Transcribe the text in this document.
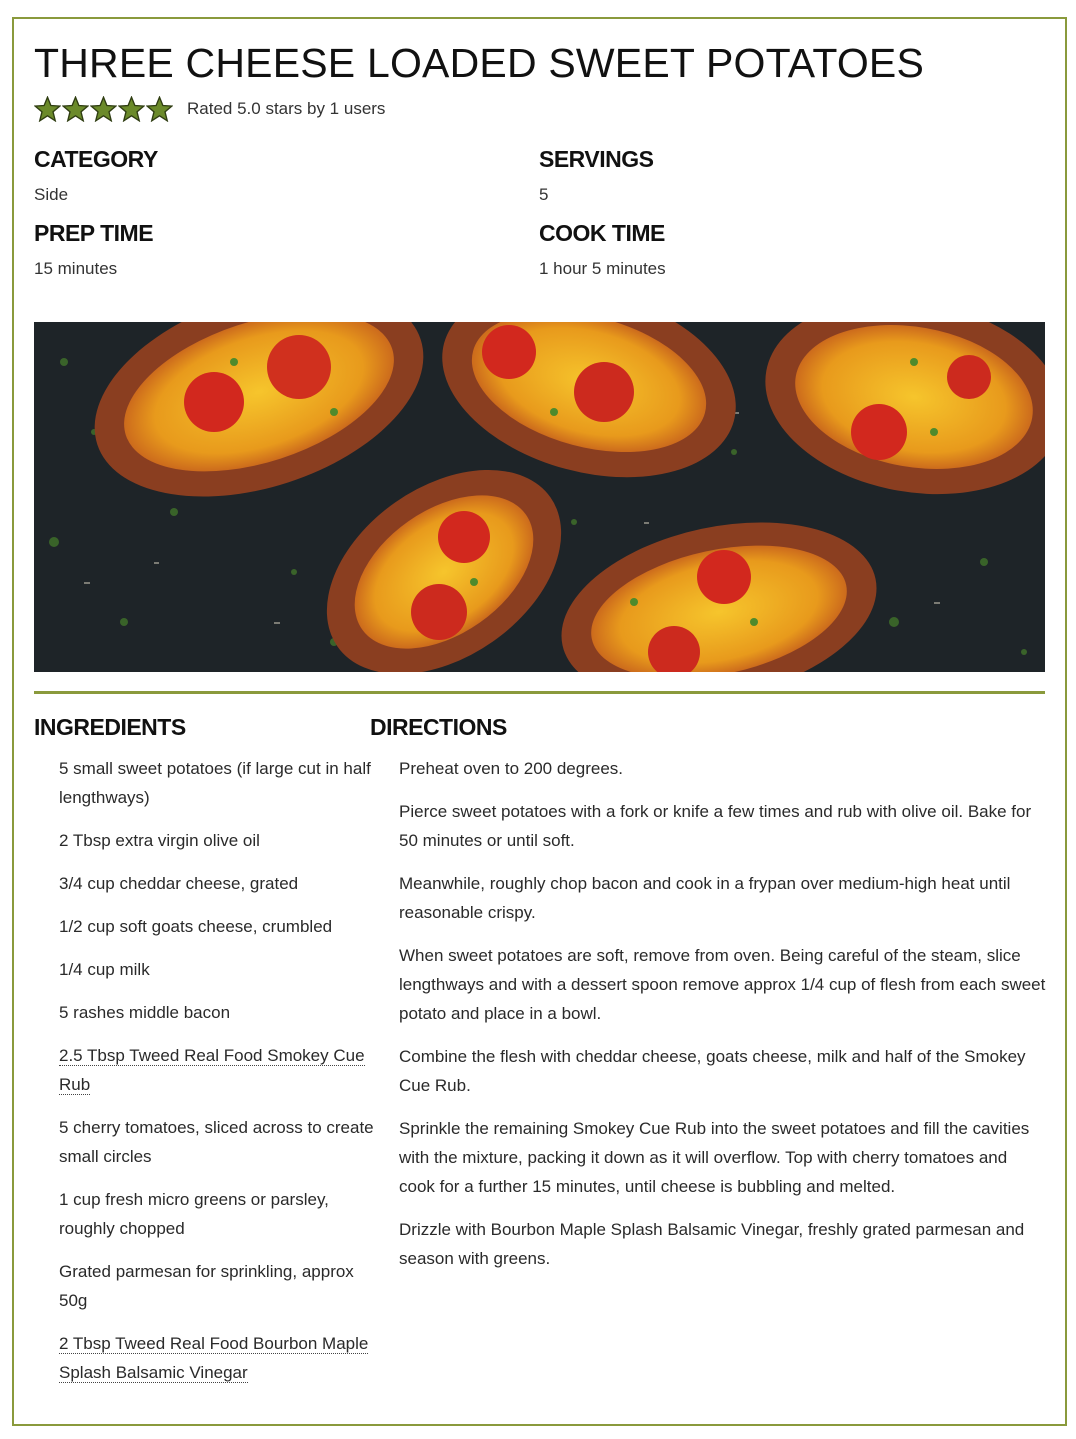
THREE CHEESE LOADED SWEET POTATOES
Rated 5.0 stars by 1 users
CATEGORY
Side
SERVINGS
5
PREP TIME
15 minutes
COOK TIME
1 hour 5 minutes
INGREDIENTS	DIRECTIONS
5 small sweet potatoes (if large cut in half lengthways)
2 Tbsp extra virgin olive oil
3/4 cup cheddar cheese, grated
1/2 cup soft goats cheese, crumbled
1/4 cup milk
5 rashes middle bacon
2.5 Tbsp Tweed Real Food Smokey Cue Rub
5 cherry tomatoes, sliced across to create small circles
1 cup fresh micro greens or parsley, roughly chopped
Grated parmesan for sprinkling, approx 50g
2 Tbsp Tweed Real Food Bourbon Maple Splash Balsamic Vinegar
Preheat oven to 200 degrees.
Pierce sweet potatoes with a fork or knife a few times and rub with olive oil. Bake for 50 minutes or until soft.
Meanwhile, roughly chop bacon and cook in a frypan over medium-high heat until reasonable crispy.
When sweet potatoes are soft, remove from oven. Being careful of the steam, slice lengthways and with a dessert spoon remove approx 1/4 cup of flesh from each sweet potato and place in a bowl.
Combine the flesh with cheddar cheese, goats cheese, milk and half of the Smokey Cue Rub.
Sprinkle the remaining Smokey Cue Rub into the sweet potatoes and fill the cavities with the mixture, packing it down as it will overflow. Top with cherry tomatoes and cook for a further 15 minutes, until cheese is bubbling and melted.
Drizzle with Bourbon Maple Splash Balsamic Vinegar, freshly grated parmesan and season with greens.
